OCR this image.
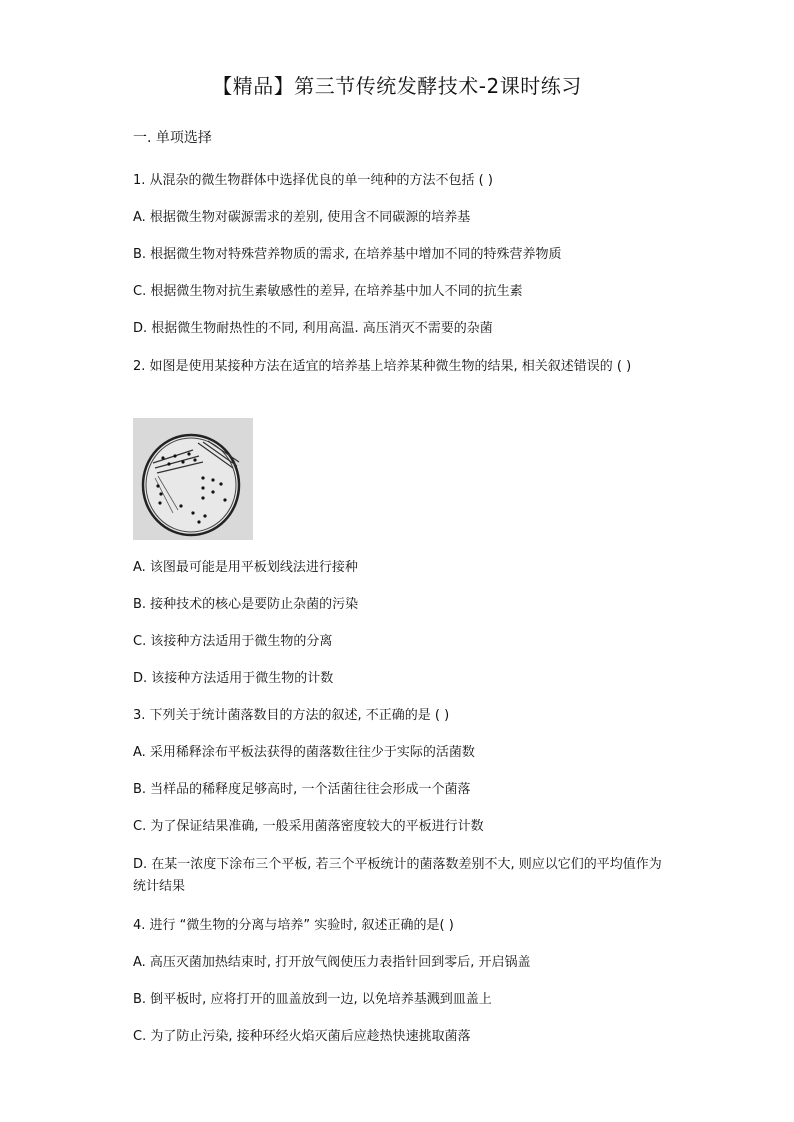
【精品】第三节传统发酵技术-2课时练习
一. 单项选择
1. 从混杂的微生物群体中选择优良的单一纯种的方法不包括 ( )
A. 根据微生物对碳源需求的差别, 使用含不同碳源的培养基
B. 根据微生物对特殊营养物质的需求, 在培养基中增加不同的特殊营养物质
C. 根据微生物对抗生素敏感性的差异, 在培养基中加人不同的抗生素
D. 根据微生物耐热性的不同, 利用高温. 高压消灭不需要的杂菌
2. 如图是使用某接种方法在适宜的培养基上培养某种微生物的结果, 相关叙述错误的 ( )
A. 该图最可能是用平板划线法进行接种
B. 接种技术的核心是要防止杂菌的污染
C. 该接种方法适用于微生物的分离
D. 该接种方法适用于微生物的计数
3. 下列关于统计菌落数目的方法的叙述, 不正确的是 ( )
A. 采用稀释涂布平板法获得的菌落数往往少于实际的活菌数
B. 当样品的稀释度足够高时, 一个活菌往往会形成一个菌落
C. 为了保证结果准确, 一般采用菌落密度较大的平板进行计数
D. 在某一浓度下涂布三个平板, 若三个平板统计的菌落数差别不大, 则应以它们的平均值作为统计结果
4. 进行 “微生物的分离与培养” 实验时, 叙述正确的是( )
A. 高压灭菌加热结束时, 打开放气阀使压力表指针回到零后, 开启锅盖
B. 倒平板时, 应将打开的皿盖放到一边, 以免培养基溅到皿盖上
C. 为了防止污染, 接种环经火焰灭菌后应趁热快速挑取菌落
